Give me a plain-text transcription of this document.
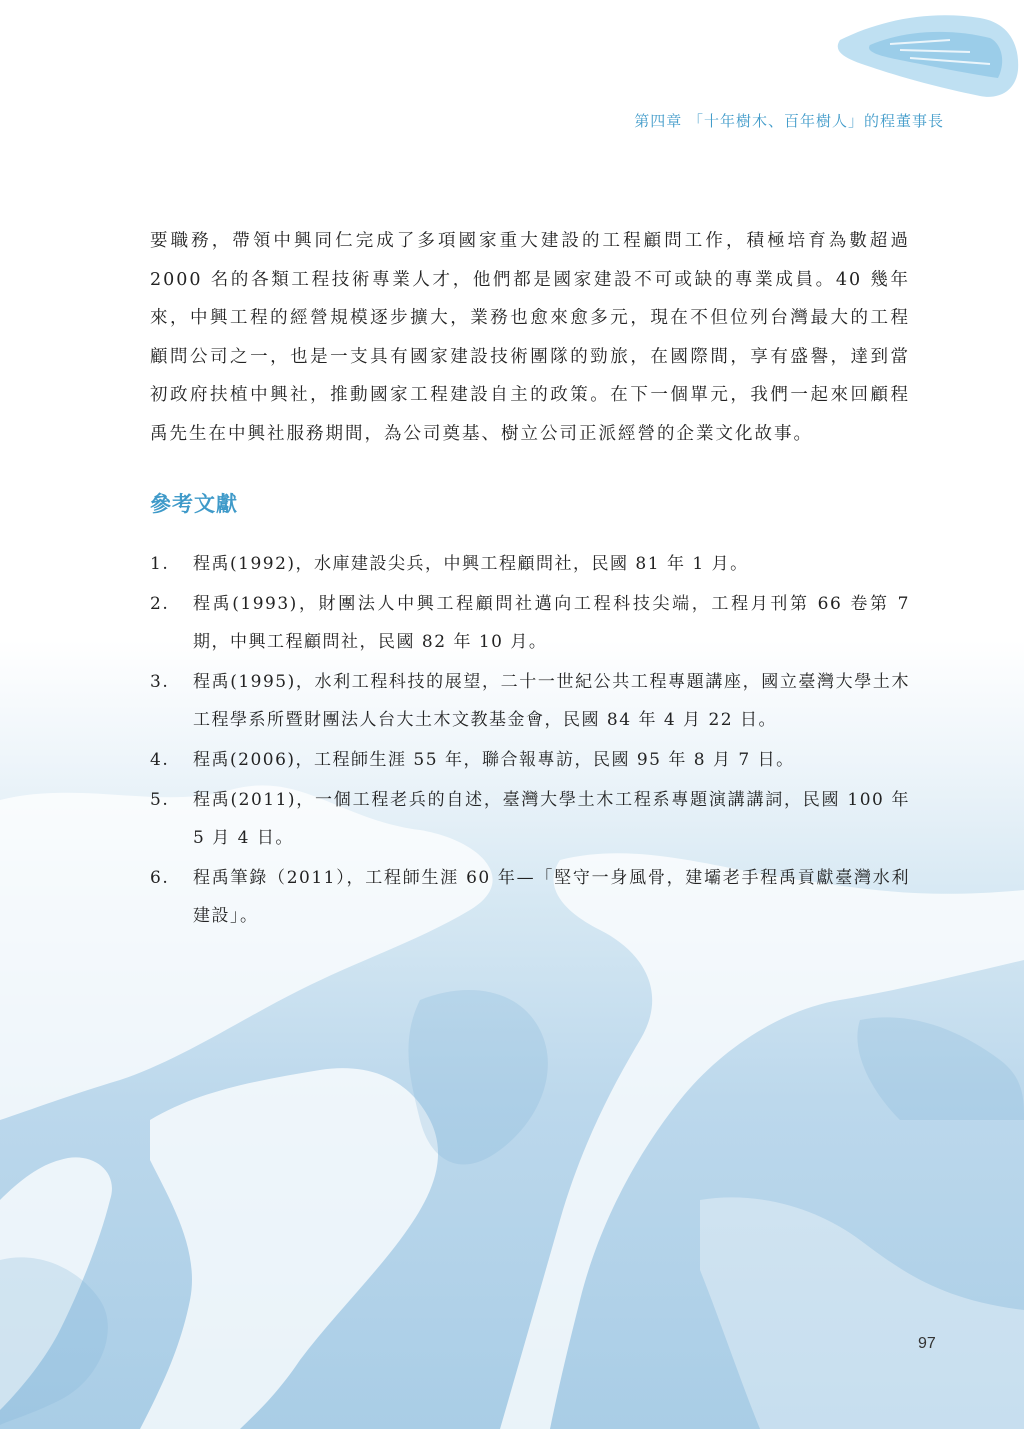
第四章 「十年樹木、百年樹人」的程董事長

要職務，帶領中興同仁完成了多項國家重大建設的工程顧問工作，積極培育為數超過 2000 名的各類工程技術專業人才，他們都是國家建設不可或缺的專業成員。40 幾年來，中興工程的經營規模逐步擴大，業務也愈來愈多元，現在不但位列台灣最大的工程顧問公司之一，也是一支具有國家建設技術團隊的勁旅，在國際間，享有盛譽，達到當初政府扶植中興社，推動國家工程建設自主的政策。在下一個單元，我們一起來回顧程禹先生在中興社服務期間，為公司奠基、樹立公司正派經營的企業文化故事。

參考文獻
1. 程禹(1992)，水庫建設尖兵，中興工程顧問社，民國 81 年 1 月。
2. 程禹(1993)，財團法人中興工程顧問社邁向工程科技尖端，工程月刊第 66 卷第 7 期，中興工程顧問社，民國 82 年 10 月。
3. 程禹(1995)，水利工程科技的展望，二十一世紀公共工程專題講座，國立臺灣大學土木工程學系所暨財團法人台大土木文教基金會，民國 84 年 4 月 22 日。
4. 程禹(2006)，工程師生涯 55 年，聯合報專訪，民國 95 年 8 月 7 日。
5. 程禹(2011)，一個工程老兵的自述，臺灣大學土木工程系專題演講講詞，民國 100 年 5 月 4 日。
6. 程禹筆錄（2011），工程師生涯 60 年—「堅守一身風骨，建壩老手程禹貢獻臺灣水利建設」。
97
